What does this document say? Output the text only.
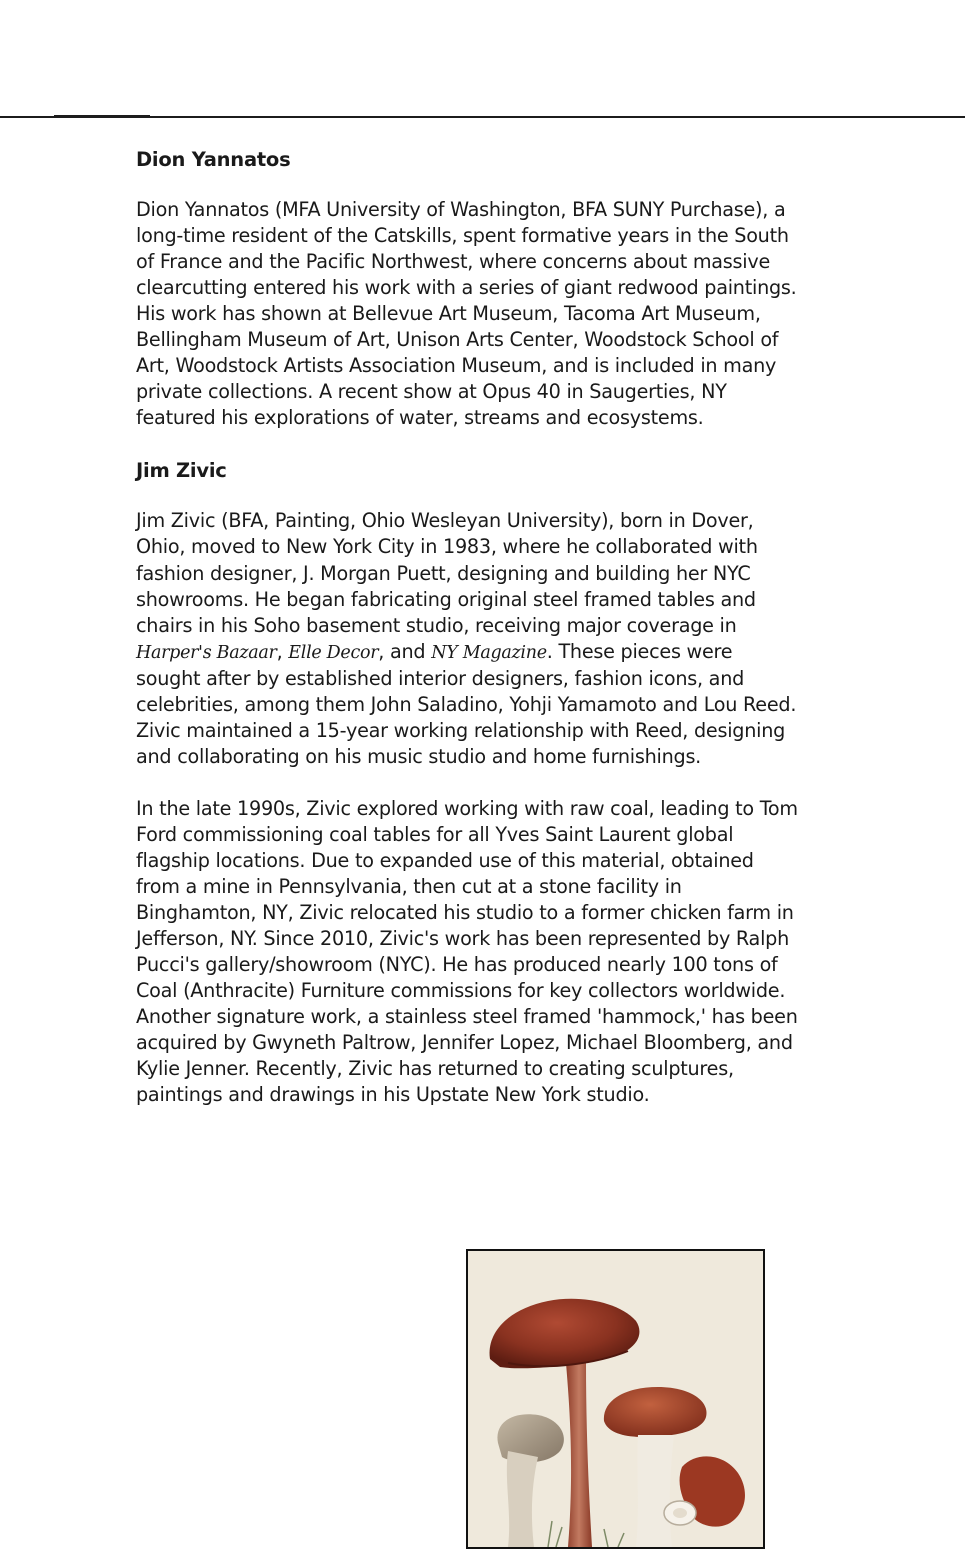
Dion Yannatos

Dion Yannatos (MFA University of Washington, BFA SUNY Purchase), a long-time resident of the Catskills, spent formative years in the South of France and the Pacific Northwest, where concerns about massive clearcutting entered his work with a series of giant redwood paintings. His work has shown at Bellevue Art Museum, Tacoma Art Museum, Bellingham Museum of Art, Unison Arts Center, Woodstock School of Art, Woodstock Artists Association Museum, and is included in many private collections. A recent show at Opus 40 in Saugerties, NY featured his explorations of water, streams and ecosystems.

Jim Zivic

Jim Zivic (BFA, Painting, Ohio Wesleyan University), born in Dover, Ohio, moved to New York City in 1983, where he collaborated with fashion designer, J. Morgan Puett, designing and building her NYC showrooms. He began fabricating original steel framed tables and chairs in his Soho basement studio, receiving major coverage in Harper's Bazaar, Elle Decor, and NY Magazine. These pieces were sought after by established interior designers, fashion icons, and celebrities, among them John Saladino, Yohji Yamamoto and Lou Reed. Zivic maintained a 15-year working relationship with Reed, designing and collaborating on his music studio and home furnishings.

In the late 1990s, Zivic explored working with raw coal, leading to Tom Ford commissioning coal tables for all Yves Saint Laurent global flagship locations. Due to expanded use of this material, obtained from a mine in Pennsylvania, then cut at a stone facility in Binghamton, NY, Zivic relocated his studio to a former chicken farm in Jefferson, NY. Since 2010, Zivic's work has been represented by Ralph Pucci's gallery/showroom (NYC). He has produced nearly 100 tons of Coal (Anthracite) Furniture commissions for key collectors worldwide. Another signature work, a stainless steel framed 'hammock,' has been acquired by Gwyneth Paltrow, Jennifer Lopez, Michael Bloomberg, and Kylie Jenner. Recently, Zivic has returned to creating sculptures, paintings and drawings in his Upstate New York studio.
